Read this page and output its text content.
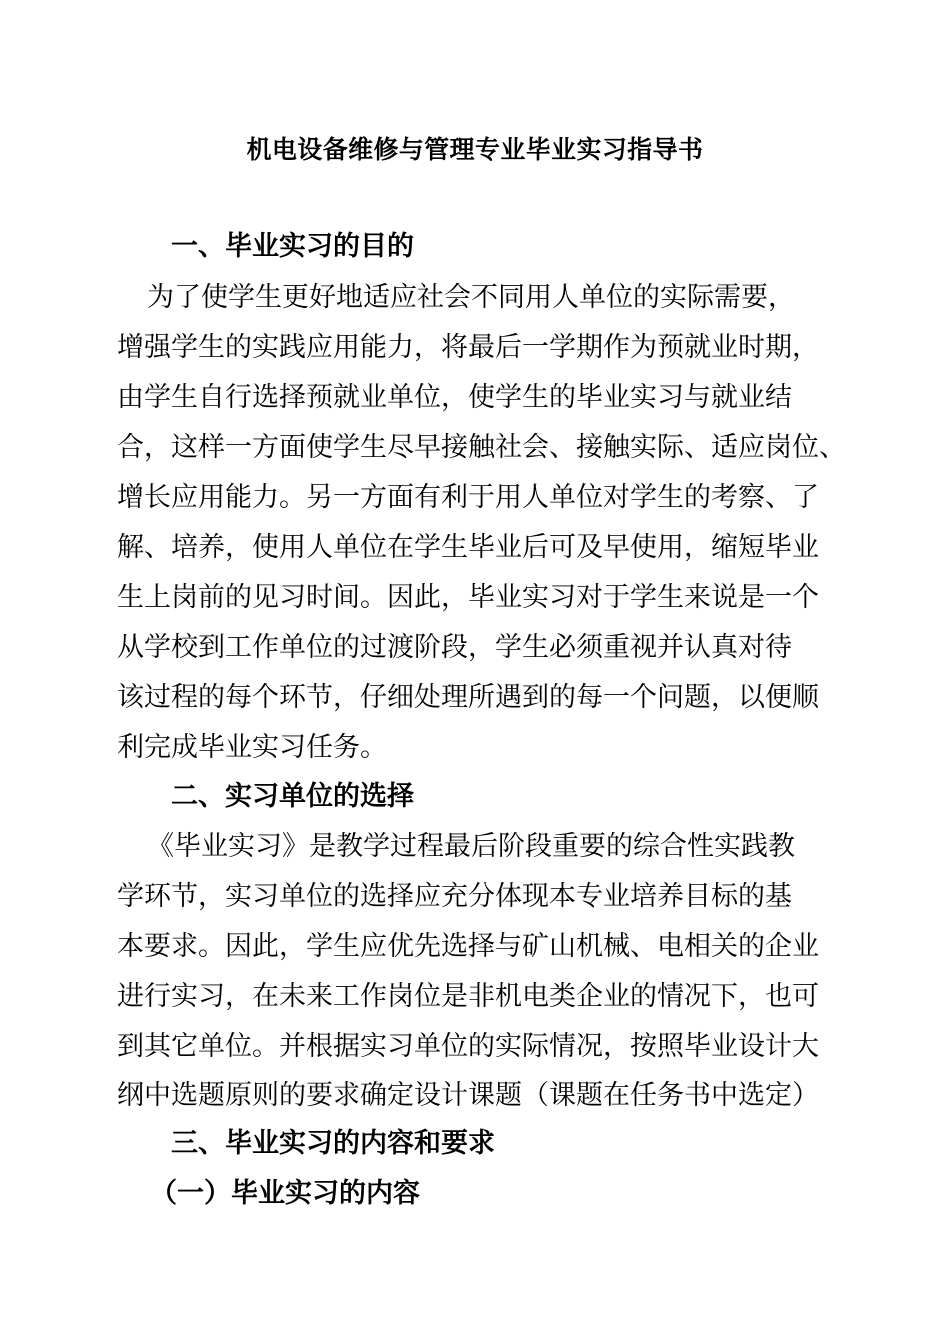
机电设备维修与管理专业毕业实习指导书
一、毕业实习的目的
为了使学生更好地适应社会不同用人单位的实际需要，
增强学生的实践应用能力，将最后一学期作为预就业时期，
由学生自行选择预就业单位，使学生的毕业实习与就业结
合，这样一方面使学生尽早接触社会、接触实际、适应岗位、
增长应用能力。另一方面有利于用人单位对学生的考察、了
解、培养，使用人单位在学生毕业后可及早使用，缩短毕业
生上岗前的见习时间。因此，毕业实习对于学生来说是一个
从学校到工作单位的过渡阶段，学生必须重视并认真对待
该过程的每个环节，仔细处理所遇到的每一个问题，以便顺
利完成毕业实习任务。
二、实习单位的选择
《毕业实习》是教学过程最后阶段重要的综合性实践教
学环节，实习单位的选择应充分体现本专业培养目标的基
本要求。因此，学生应优先选择与矿山机械、电相关的企业
进行实习，在未来工作岗位是非机电类企业的情况下，也可
到其它单位。并根据实习单位的实际情况，按照毕业设计大
纲中选题原则的要求确定设计课题（课题在任务书中选定）
三、毕业实习的内容和要求
（一）毕业实习的内容
